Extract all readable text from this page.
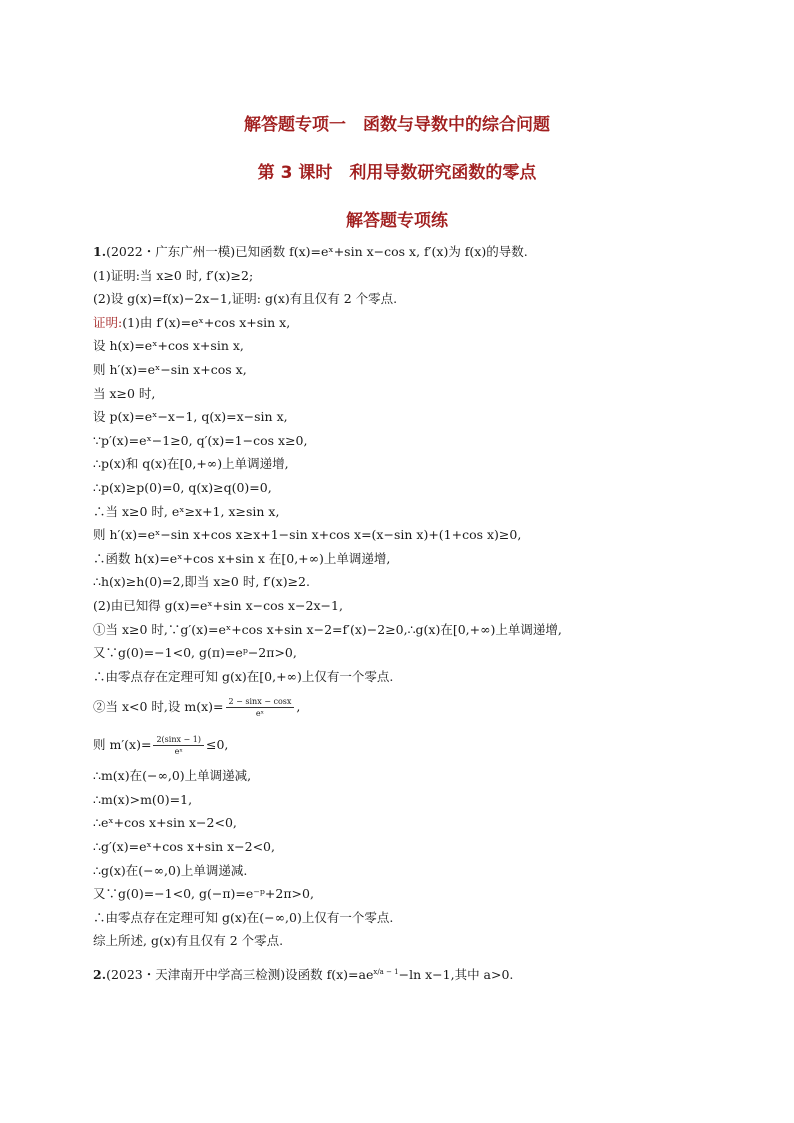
解答题专项一　函数与导数中的综合问题
第 3 课时　利用导数研究函数的零点
解答题专项练
1.(2022・广东广州一模)已知函数 f(x)=eˣ+sin x−cos x, f′(x)为 f(x)的导数.
(1)证明:当 x≥0 时, f′(x)≥2;
(2)设 g(x)=f(x)−2x−1,证明: g(x)有且仅有 2 个零点.
证明:(1)由 f′(x)=eˣ+cos x+sin x,
设 h(x)=eˣ+cos x+sin x,
则 h′(x)=eˣ−sin x+cos x,
当 x≥0 时,
设 p(x)=eˣ−x−1, q(x)=x−sin x,
∵p′(x)=eˣ−1≥0, q′(x)=1−cos x≥0,
∴p(x)和 q(x)在[0,+∞)上单调递增,
∴p(x)≥p(0)=0, q(x)≥q(0)=0,
∴当 x≥0 时, eˣ≥x+1, x≥sin x,
则 h′(x)=eˣ−sin x+cos x≥x+1−sin x+cos x=(x−sin x)+(1+cos x)≥0,
∴函数 h(x)=eˣ+cos x+sin x 在[0,+∞)上单调递增,
∴h(x)≥h(0)=2,即当 x≥0 时, f′(x)≥2.
(2)由已知得 g(x)=eˣ+sin x−cos x−2x−1,
①当 x≥0 时,∵g′(x)=eˣ+cos x+sin x−2=f′(x)−2≥0,∴g(x)在[0,+∞)上单调递增,
又∵g(0)=−1<0, g(π)=eᵖ−2π>0,
∴由零点存在定理可知 g(x)在[0,+∞)上仅有一个零点.
②当 x<0 时,设 $m(x)= \frac{2 - \sin x - \cos x}{\text{eˣ}}$ ,
则 $m'(x)= \frac{2(\sin x - 1)}{\text{eˣ}} \le 0$,
∴m(x)在(−∞,0)上单调递减,
∴m(x)>m(0)=1,
∴eˣ+cos x+sin x−2<0,
∴g′(x)=eˣ+cos x+sin x−2<0,
∴g(x)在(−∞,0)上单调递减.
又∵g(0)=−1<0, g(−π)=e⁻ᵖ+2π>0,
∴由零点存在定理可知 g(x)在(−∞,0)上仅有一个零点.
综上所述, g(x)有且仅有 2 个零点.
2.(2023・天津南开中学高三检测)设函数 $f(x)=ae^{x/a - 1}-\ln$ x−1,其中 a>0.
